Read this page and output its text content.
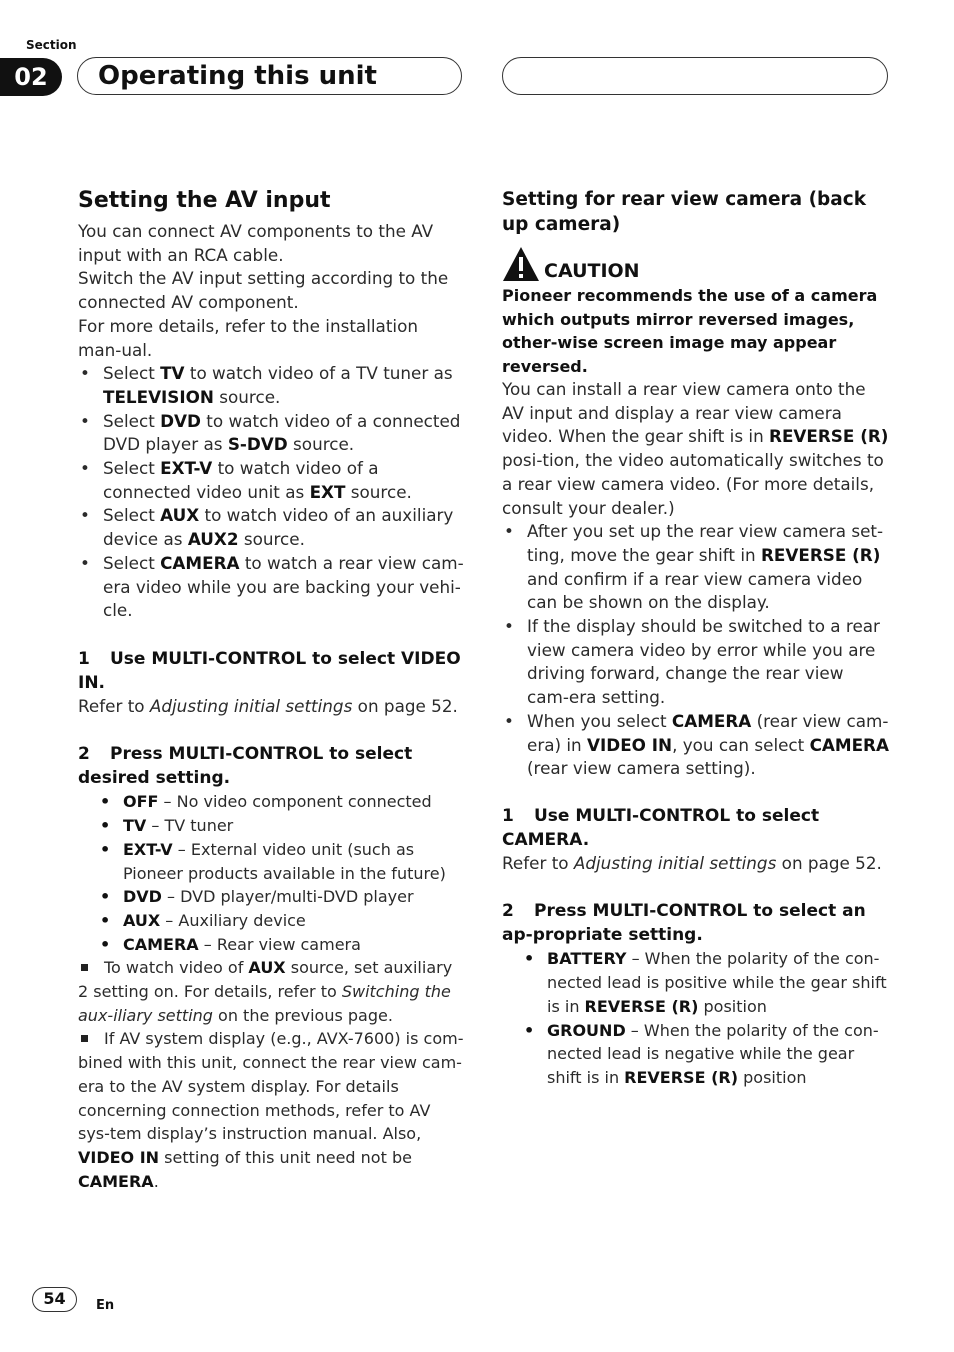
Section
02	Operating this unit
Setting the AV input

You can connect AV components to the AV input with an RCA cable.

Switch the AV input setting according to the connected AV component.

For more details, refer to the installation man-ual.

• Select TV to watch video of a TV tuner as TELEVISION source.
• Select DVD to watch video of a connected DVD player as S-DVD source.
• Select EXT-V to watch video of a connected video unit as EXT source.
• Select AUX to watch video of an auxiliary device as AUX2 source.
• Select CAMERA to watch a rear view cam-era video while you are backing your vehi-cle.
1 Use MULTI-CONTROL to select VIDEO IN.

Refer to Adjusting initial settings on page 52.

2 Press MULTI-CONTROL to select desired setting.
• OFF – No video component connected
• TV – TV tuner
• EXT-V – External video unit (such as Pioneer products available in the future)
• DVD – DVD player/multi-DVD player
• AUX – Auxiliary device
• CAMERA – Rear view camera
To watch video of AUX source, set auxiliary 2 setting on. For details, refer to Switching the aux-iliary setting on the previous page.
If AV system display (e.g., AVX-7600) is com-bined with this unit, connect the rear view cam-era to the AV system display. For details concerning connection methods, refer to AV sys-tem display’s instruction manual. Also, VIDEO IN setting of this unit need not be CAMERA.
Setting for rear view camera (back up camera)
CAUTION
Pioneer recommends the use of a camera which outputs mirror reversed images, other-wise screen image may appear reversed.

You can install a rear view camera onto the AV input and display a rear view camera video. When the gear shift is in REVERSE (R) posi-tion, the video automatically switches to a rear view camera video. (For more details, consult your dealer.)

• After you set up the rear view camera set-ting, move the gear shift in REVERSE (R) and confirm if a rear view camera video can be shown on the display.
• If the display should be switched to a rear view camera video by error while you are driving forward, change the rear view cam-era setting.
• When you select CAMERA (rear view cam-era) in VIDEO IN, you can select CAMERA (rear view camera setting).
1 Use MULTI-CONTROL to select CAMERA.

Refer to Adjusting initial settings on page 52.

2 Press MULTI-CONTROL to select an ap-propriate setting.
• BATTERY – When the polarity of the con-nected lead is positive while the gear shift is in REVERSE (R) position
• GROUND – When the polarity of the con-nected lead is negative while the gear shift is in REVERSE (R) position
54	En
